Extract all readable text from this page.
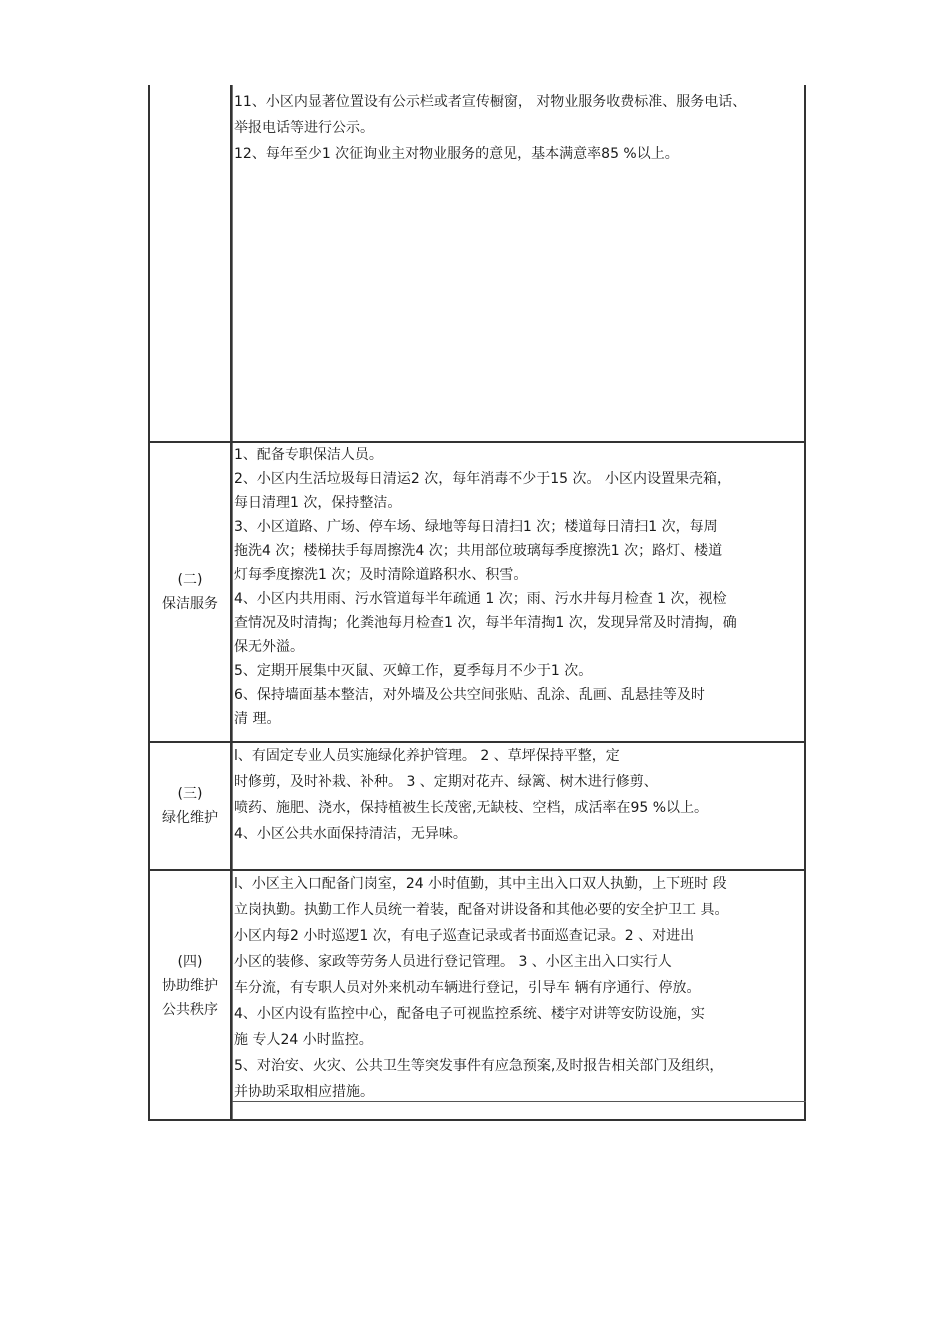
11、小区内显著位置设有公示栏或者宣传橱窗， 对物业服务收费标准、服务电话、
举报电话等进行公示。
12、每年至少1 次征询业主对物业服务的意见，基本满意率85 %以上。
(二)
保洁服务
1、配备专职保洁人员。
2、小区内生活垃圾每日清运2 次，每年消毒不少于15 次。 小区内设置果壳箱，
每日清理1 次，保持整洁。
3、小区道路、广场、停车场、绿地等每日清扫1 次；楼道每日清扫1 次，每周
拖洗4 次；楼梯扶手每周擦洗4 次；共用部位玻璃每季度擦洗1 次；路灯、楼道
灯每季度擦洗1 次；及时清除道路积水、积雪。
4、小区内共用雨、污水管道每半年疏通 1 次；雨、污水井每月检查 1 次，视检
查情况及时清掏；化粪池每月检查1 次，每半年清掏1 次，发现异常及时清掏，确
保无外溢。
5、定期开展集中灭鼠、灭蟑工作，夏季每月不少于1 次。
6、保持墙面基本整洁，对外墙及公共空间张贴、乱涂、乱画、乱悬挂等及时
清 理。
(三)
绿化维护
l、有固定专业人员实施绿化养护管理。 2 、草坪保持平整，定
时修剪，及时补栽、补种。 3 、定期对花卉、绿篱、树木进行修剪、
喷药、施肥、浇水，保持植被生长茂密,无缺枝、空档，成活率在95 %以上。
4、小区公共水面保持清洁，无异味。
(四)
协助维护
公共秩序
l、小区主入口配备门岗室，24 小时值勤，其中主出入口双人执勤，上下班时 段
立岗执勤。执勤工作人员统一着装，配备对讲设备和其他必要的安全护卫工 具。
小区内每2 小时巡逻1 次，有电子巡查记录或者书面巡查记录。2 、对进出
小区的装修、家政等劳务人员进行登记管理。 3 、小区主出入口实行人
车分流，有专职人员对外来机动车辆进行登记，引导车 辆有序通行、停放。
4、小区内设有监控中心，配备电子可视监控系统、楼宇对讲等安防设施，实
施 专人24 小时监控。
5、对治安、火灾、公共卫生等突发事件有应急预案,及时报告相关部门及组织，
并协助采取相应措施。
